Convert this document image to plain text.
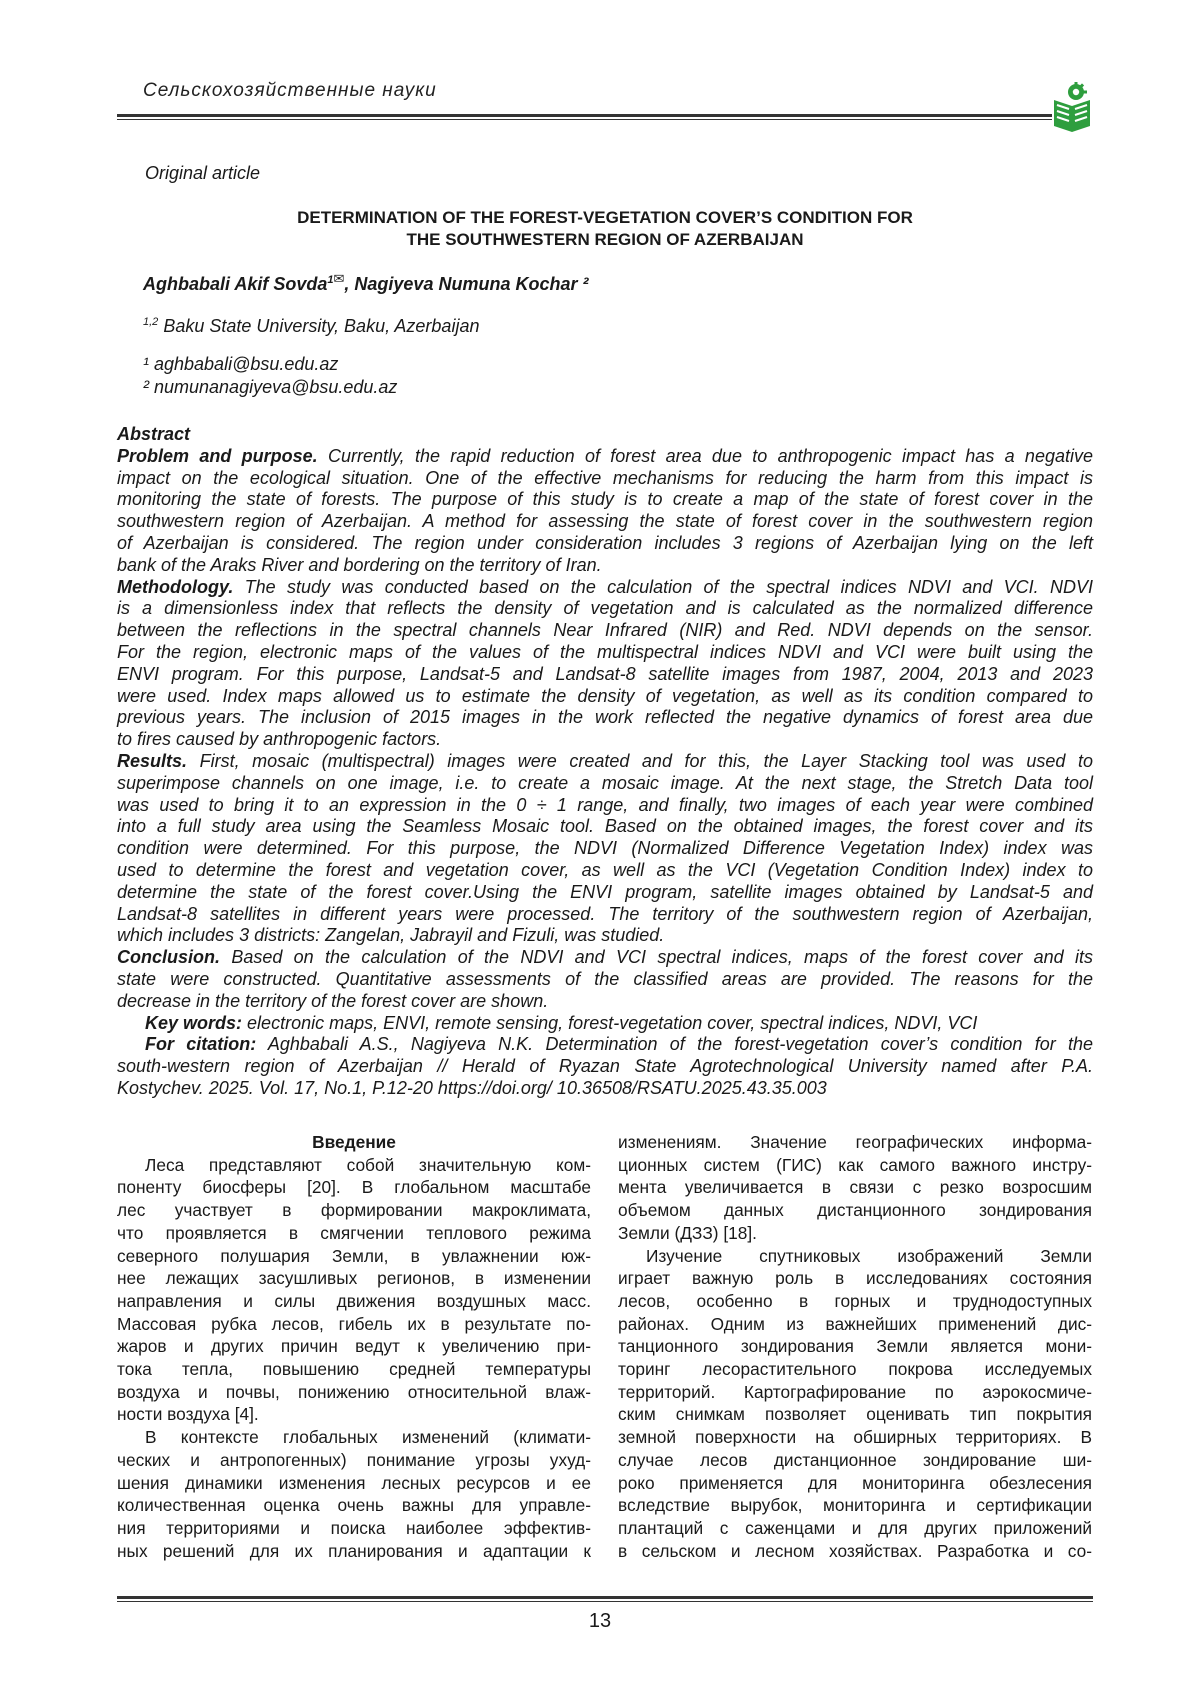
Сельскохозяйственные науки
Original article
DETERMINATION OF THE FOREST-VEGETATION COVER’S CONDITION FOR
THE SOUTHWESTERN REGION OF AZERBAIJAN
Aghbabali Akif Sovda$^{1✉}$, Nagiyeva Numuna Kochar ²
$^{1,2}$ Baku State University, Baku, Azerbaijan
¹ aghbabali@bsu.edu.az
² numunanagiyeva@bsu.edu.az
Abstract
Problem and purpose. Currently, the rapid reduction of forest area due to anthropogenic impact has a negative
impact on the ecological situation. One of the effective mechanisms for reducing the harm from this impact is
monitoring the state of forests. The purpose of this study is to create a map of the state of forest cover in the
southwestern region of Azerbaijan. A method for assessing the state of forest cover in the southwestern region
of Azerbaijan is considered. The region under consideration includes 3 regions of Azerbaijan lying on the left
bank of the Araks River and bordering on the territory of Iran.
Methodology. The study was conducted based on the calculation of the spectral indices NDVI and VCI. NDVI
is a dimensionless index that reflects the density of vegetation and is calculated as the normalized difference
between the reflections in the spectral channels Near Infrared (NIR) and Red. NDVI depends on the sensor.
For the region, electronic maps of the values of the multispectral indices NDVI and VCI were built using the
ENVI program. For this purpose, Landsat-5 and Landsat-8 satellite images from 1987, 2004, 2013 and 2023
were used. Index maps allowed us to estimate the density of vegetation, as well as its condition compared to
previous years. The inclusion of 2015 images in the work reflected the negative dynamics of forest area due
to fires caused by anthropogenic factors.
Results. First, mosaic (multispectral) images were created and for this, the Layer Stacking tool was used to
superimpose channels on one image, i.e. to create a mosaic image. At the next stage, the Stretch Data tool
was used to bring it to an expression in the 0 ÷ 1 range, and finally, two images of each year were combined
into a full study area using the Seamless Mosaic tool. Based on the obtained images, the forest cover and its
condition were determined. For this purpose, the NDVI (Normalized Difference Vegetation Index) index was
used to determine the forest and vegetation cover, as well as the VCI (Vegetation Condition Index) index to
determine the state of the forest cover.Using the ENVI program, satellite images obtained by Landsat-5 and
Landsat-8 satellites in different years were processed. The territory of the southwestern region of Azerbaijan,
which includes 3 districts: Zangelan, Jabrayil and Fizuli, was studied.
Conclusion. Based on the calculation of the NDVI and VCI spectral indices, maps of the forest cover and its
state were constructed. Quantitative assessments of the classified areas are provided. The reasons for the
decrease in the territory of the forest cover are shown.
Key words: electronic maps, ENVI, remote sensing, forest-vegetation cover, spectral indices, NDVI, VCI
For citation: Aghbabali A.S., Nagiyeva N.K. Determination of the forest-vegetation cover’s condition for the
south-western region of Azerbaijan // Herald of Ryazan State Agrotechnological University named after P.A.
Kostychev. 2025. Vol. 17, No.1, P.12-20 https://doi.org/ 10.36508/RSATU.2025.43.35.003
Введение
Леса представляют собой значительную ком-
поненту биосферы [20]. В глобальном масштабе
лес участвует в формировании макроклимата,
что проявляется в смягчении теплового режима
северного полушария Земли, в увлажнении юж-
нее лежащих засушливых регионов, в изменении
направления и силы движения воздушных масс.
Массовая рубка лесов, гибель их в результате по-
жаров и других причин ведут к увеличению при-
тока тепла, повышению средней температуры
воздуха и почвы, понижению относительной влаж-
ности воздуха [4].
В контексте глобальных изменений (климати-
ческих и антропогенных) понимание угрозы ухуд-
шения динамики изменения лесных ресурсов и ее
количественная оценка очень важны для управле-
ния территориями и поиска наиболее эффектив-
ных решений для их планирования и адаптации к
изменениям. Значение географических информа-
ционных систем (ГИС) как самого важного инстру-
мента увеличивается в связи с резко возросшим
объемом данных дистанционного зондирования
Земли (ДЗЗ) [18].
Изучение спутниковых изображений Земли
играет важную роль в исследованиях состояния
лесов, особенно в горных и труднодоступных
районах. Одним из важнейших применений дис-
танционного зондирования Земли является мони-
торинг лесорастительного покрова исследуемых
территорий. Картографирование по аэрокосмиче-
ским снимкам позволяет оценивать тип покрытия
земной поверхности на обширных территориях. В
случае лесов дистанционное зондирование ши-
роко применяется для мониторинга обезлесения
вследствие вырубок, мониторинга и сертификации
плантаций с саженцами и для других приложений
в сельском и лесном хозяйствах. Разработка и со-
13
